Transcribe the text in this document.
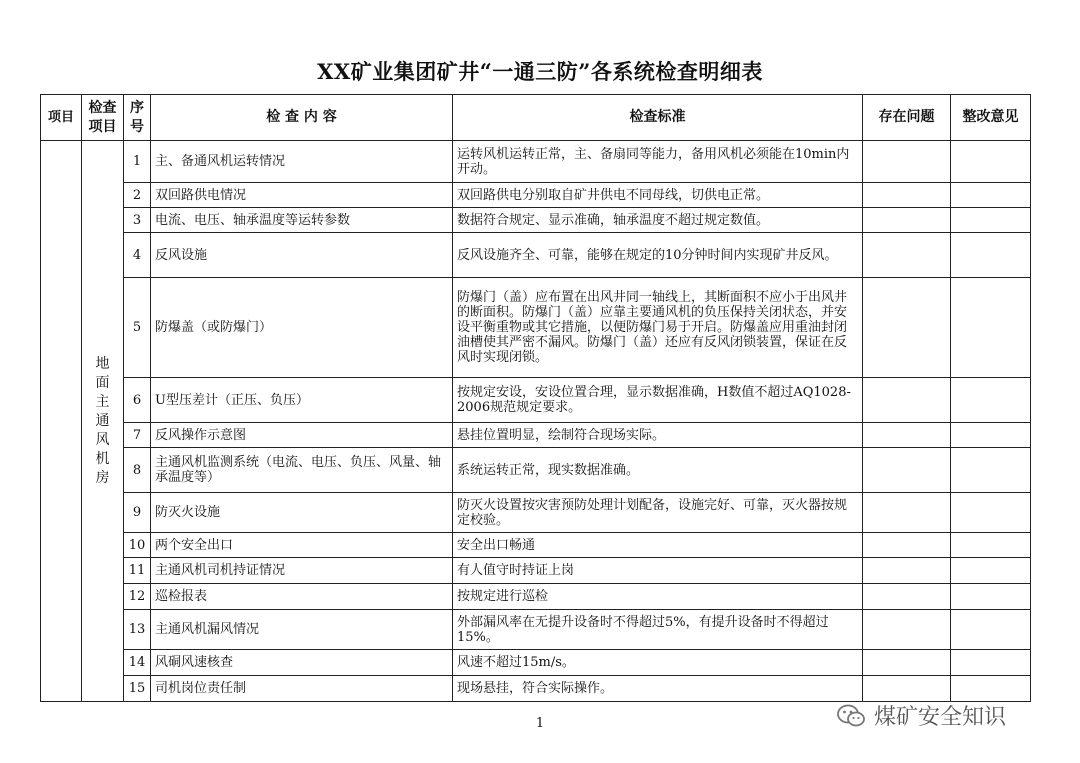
XX矿业集团矿井“一通三防”各系统检查明细表
项目	检查项目	序号	检 查 内 容	检查标准	存在问题	整改意见
	地面主通风机房	1	主、备通风机运转情况	运转风机运转正常，主、备扇同等能力，备用风机必须能在10min内开动。		
		2	双回路供电情况	双回路供电分别取自矿井供电不同母线，切供电正常。		
		3	电流、电压、轴承温度等运转参数	数据符合规定、显示准确，轴承温度不超过规定数值。		
		4	反风设施	反风设施齐全、可靠，能够在规定的10分钟时间内实现矿井反风。		
		5	防爆盖（或防爆门）	防爆门（盖）应布置在出风井同一轴线上，其断面积不应小于出风井的断面积。防爆门（盖）应靠主要通风机的负压保持关闭状态，并安设平衡重物或其它措施，以便防爆门易于开启。防爆盖应用重油封闭油槽使其严密不漏风。防爆门（盖）还应有反风闭锁装置，保证在反风时实现闭锁。		
		6	U型压差计（正压、负压）	按规定安设，安设位置合理，显示数据准确，H数值不超过AQ1028-2006规范规定要求。		
		7	反风操作示意图	悬挂位置明显，绘制符合现场实际。		
		8	主通风机监测系统（电流、电压、负压、风量、轴承温度等）	系统运转正常，现实数据准确。		
		9	防灭火设施	防灭火设置按灾害预防处理计划配备，设施完好、可靠，灭火器按规定校验。		
		10	两个安全出口	安全出口畅通		
		11	主通风机司机持证情况	有人值守时持证上岗		
		12	巡检报表	按规定进行巡检		
		13	主通风机漏风情况	外部漏风率在无提升设备时不得超过5%，有提升设备时不得超过15%。		
		14	风硐风速核查	风速不超过15m/s。		
		15	司机岗位责任制	现场悬挂，符合实际操作。		
1	煤矿安全知识
